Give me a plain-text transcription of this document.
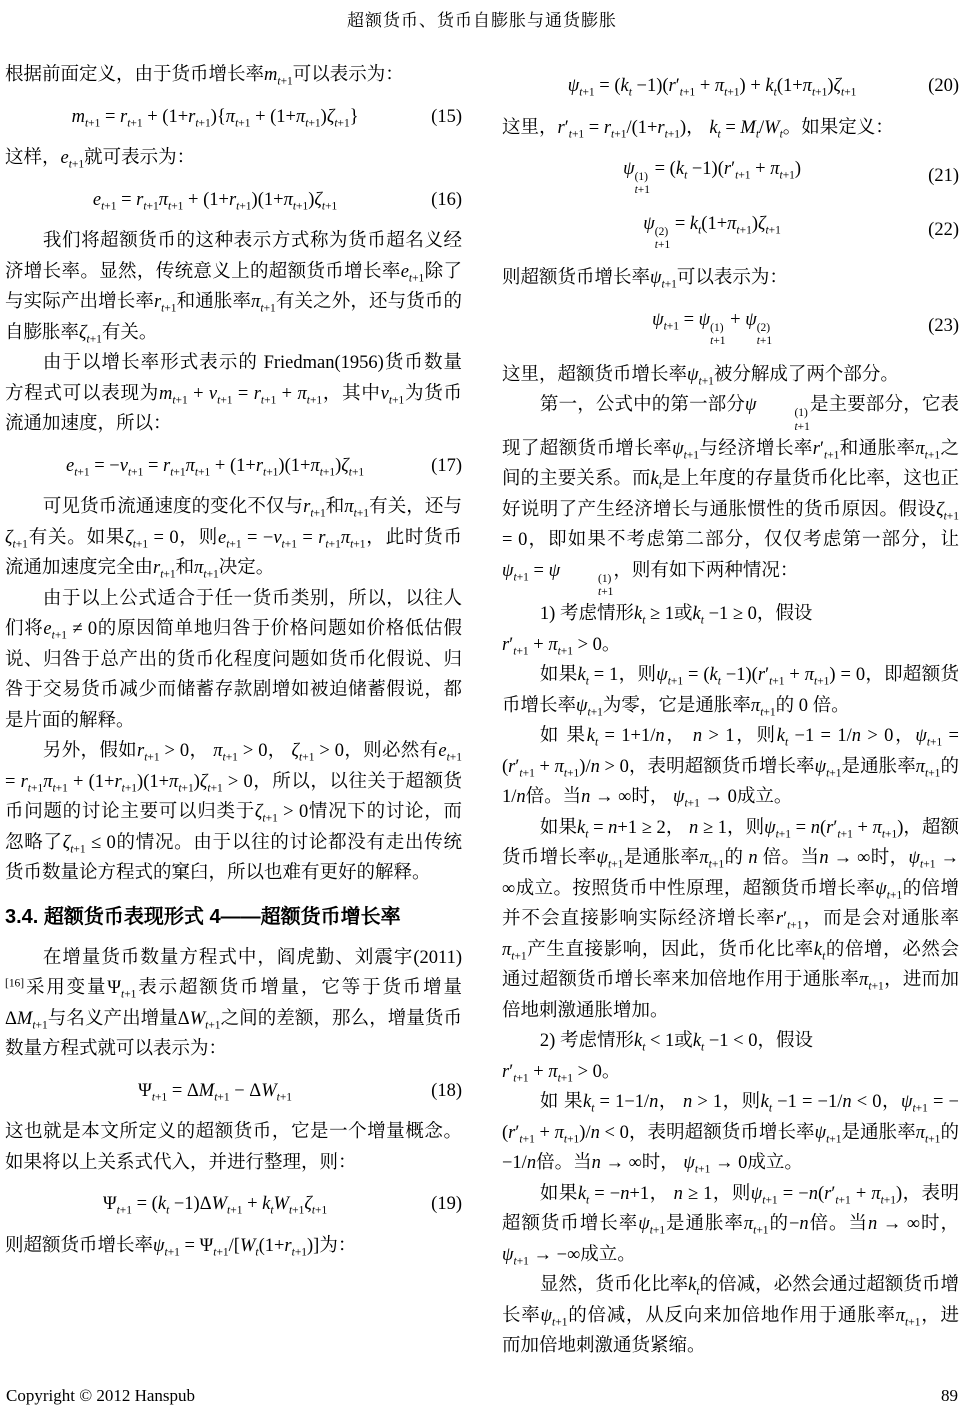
超额货币、货币自膨胀与通货膨胀

根据前面定义，由于货币增长率$m_{t+1}$可以表示为：

$m_{t+1} = r_{t+1} + (1+r_{t+1})\{\pi_{t+1} + (1+\pi_{t+1})\zeta_{t+1}\}$	(15)

这样，$e_{t+1}$就可表示为：

$e_{t+1} = r_{t+1}\pi_{t+1} + (1+r_{t+1})(1+\pi_{t+1})\zeta_{t+1}$	(16)

我们将超额货币的这种表示方式称为货币超名义经济增长率。显然，传统意义上的超额货币增长率$e_{t+1}$除了与实际产出增长率$r_{t+1}$和通胀率$\pi_{t+1}$有关之外，还与货币的自膨胀率$\zeta_{t+1}$有关。

由于以增长率形式表示的 Friedman(1956)货币数量方程式可以表现为$m_{t+1} + v_{t+1} = r_{t+1} + \pi_{t+1}$，其中$v_{t+1}$为货币流通加速度，所以：

$e_{t+1} = -v_{t+1} = r_{t+1}\pi_{t+1} + (1+r_{t+1})(1+\pi_{t+1})\zeta_{t+1}$	(17)

可见货币流通速度的变化不仅与$r_{t+1}$和$\pi_{t+1}$有关，还与$\zeta_{t+1}$有关。如果$\zeta_{t+1} = 0$，则$e_{t+1} = -v_{t+1} = r_{t+1}\pi_{t+1}$，此时货币流通加速度完全由$r_{t+1}$和$\pi_{t+1}$决定。

由于以上公式适合于任一货币类别，所以，以往人们将$e_{t+1} \ne 0$的原因简单地归咎于价格问题如价格低估假说、归咎于总产出的货币化程度问题如货币化假说、归咎于交易货币减少而储蓄存款剧增如被迫储蓄假说，都是片面的解释。

另外，假如$r_{t+1} > 0$， $\pi_{t+1} > 0$， $\zeta_{t+1} > 0$，则必然有$e_{t+1} = r_{t+1}\pi_{t+1} + (1+r_{t+1})(1+\pi_{t+1})\zeta_{t+1} > 0$，所以，以往关于超额货币问题的讨论主要可以归类于$\zeta_{t+1} > 0$情况下的讨论，而忽略了$\zeta_{t+1} \le 0$的情况。由于以往的讨论都没有走出传统货币数量论方程式的窠臼，所以也难有更好的解释。

3.4. 超额货币表现形式 4——超额货币增长率

在增量货币数量方程式中，阎虎勤、刘震宇(2011)[16]采用变量$\Psi_{t+1}$表示超额货币增量，它等于货币增量$\Delta M_{t+1}$与名义产出增量$\Delta W_{t+1}$之间的差额，那么，增量货币数量方程式就可以表示为：

$\Psi_{t+1} = \Delta M_{t+1} - \Delta W_{t+1}$	(18)

这也就是本文所定义的超额货币，它是一个增量概念。如果将以上关系式代入，并进行整理，则：

$\Psi_{t+1} = (k_t -1)\Delta W_{t+1} + k_tW_{t+1}\zeta_{t+1}$	(19)

则超额货币增长率$\psi_{t+1} = \Psi_{t+1}/[W_t(1+r_{t+1})]$为：

$\psi_{t+1} = (k_t -1)(r'_{t+1} + \pi_{t+1}) + k_t(1+\pi_{t+1})\zeta_{t+1}$	(20)

这里，$r'_{t+1} = r_{t+1}/(1+r_{t+1})$， $k_t = M_t/W_t$。如果定义：

ψ (1)
t+1
= $(k_t -1)(r'_{t+1} + \pi_{t+1})$	(21)
ψ (2)
t+1
= $k_t(1+\pi_{t+1})\zeta_{t+1}$	(22)

则超额货币增长率$\psi_{t+1}$可以表示为：

$\psi_{t+1} = \psi$ (1)
t+1
+ ψ (2)
t+1
(23)

这里，超额货币增长率$\psi_{t+1}$被分解成了两个部分。

第一，公式中的第一部分ψ	(1)
t+1
是主要部分，它表现了超额货币增长率$\psi_{t+1}$与经济增长率$r'_{t+1}$和通胀率$\pi_{t+1}$之间的主要关系。而$k_t$是上年度的存量货币化比率，这也正好说明了产生经济增长与通胀惯性的货币原因。假设$\zeta_{t+1} = 0$，即如果不考虑第二部分，仅仅考虑第一部分，让$\psi_{t+1} = \psi$	(1)
t+1
，则有如下两种情况：

1) 考虑情形$k_t \ge 1$或$k_t -1 \ge 0$，假设

$r'_{t+1} + \pi_{t+1} > 0$。

如果$k_t = 1$，则$\psi_{t+1} = (k_t -1)(r'_{t+1} + \pi_{t+1}) = 0$，即超额货币增长率$\psi_{t+1}$为零，它是通胀率$\pi_{t+1}$的 0 倍。

如 果$k_t = 1+1/n$， n > 1，则$k_t -1 = 1/n > 0$，$\psi_{t+1} = (r'_{t+1} + \pi_{t+1})/n > 0$，表明超额货币增长率$\psi_{t+1}$是通胀率$\pi_{t+1}$的1/n倍。当n → ∞时， $\psi_{t+1} \to 0$成立。

如果$k_t = n+1 \ge 2$， n ≥ 1，则$\psi_{t+1} = n(r'_{t+1} + \pi_{t+1})$，超额货币增长率$\psi_{t+1}$是通胀率$\pi_{t+1}$的 n 倍。当n → ∞时，$\psi_{t+1}$ → ∞成立。按照货币中性原理，超额货币增长率$\psi_{t+1}$的倍增并不会直接影响实际经济增长率$r'_{t+1}$，而是会对通胀率$\pi_{t+1}$产生直接影响，因此，货币化比率$k_t$的倍增，必然会通过超额货币增长率来加倍地作用于通胀率$\pi_{t+1}$，进而加倍地刺激通胀增加。

2) 考虑情形$k_t < 1$或$k_t -1 < 0$，假设

$r'_{t+1} + \pi_{t+1} > 0$。

如 果$k_t = 1-1/n$， n > 1，则$k_t -1 = -1/n < 0$，$\psi_{t+1} = -(r'_{t+1} + \pi_{t+1})/n < 0$，表明超额货币增长率$\psi_{t+1}$是通胀率$\pi_{t+1}$的−1/n倍。当n → ∞时， $\psi_{t+1} \to 0$成立。

如果$k_t = -n+1$， n ≥ 1，则$\psi_{t+1} = -n(r'_{t+1} + \pi_{t+1})$，表明超额货币增长率$\psi_{t+1}$是通胀率$\pi_{t+1}$的−n倍。当n → ∞时， $\psi_{t+1}$ → −∞成立。

显然，货币化比率$k_t$的倍减，必然会通过超额货币增长率$\psi_{t+1}$的倍减，从反向来加倍地作用于通胀率$\pi_{t+1}$，进而加倍地刺激通货紧缩。

Copyright © 2012 Hanspub	89
